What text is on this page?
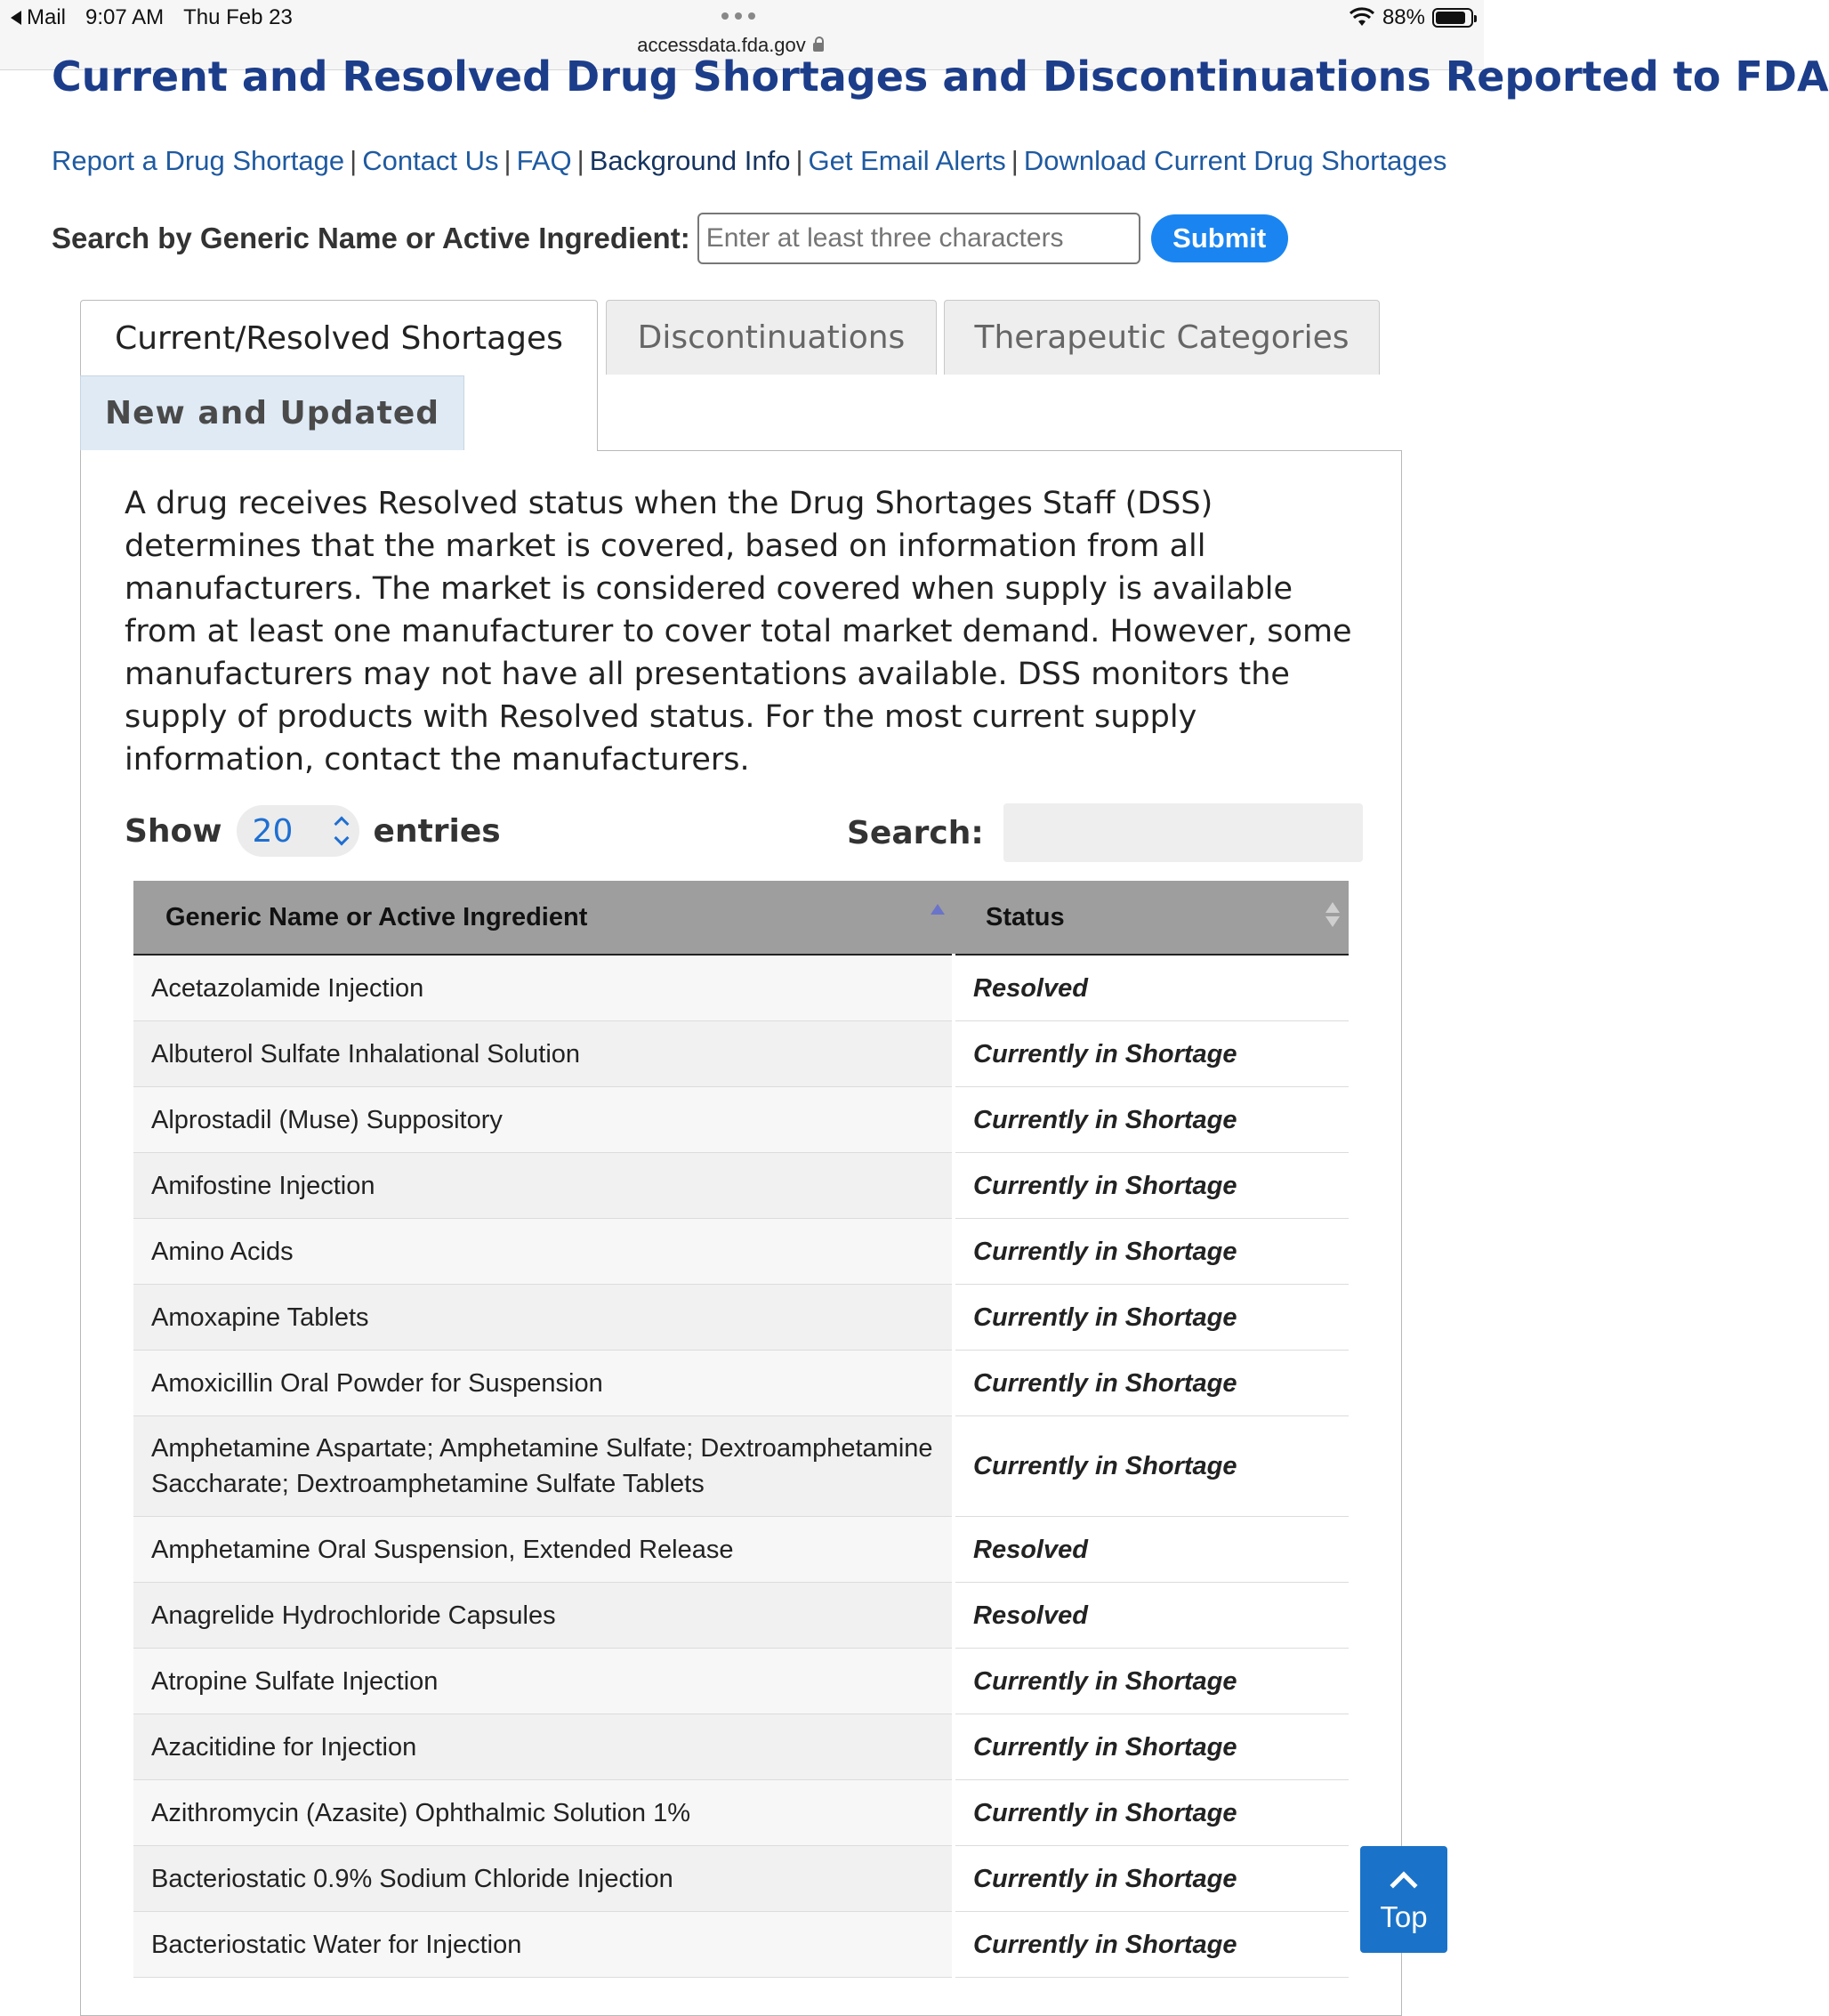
Mail 9:07 AM Thu Feb 23
accessdata.fda.gov
88%
Current and Resolved Drug Shortages and Discontinuations Reported to FDA
Report a Drug Shortage | Contact Us | FAQ | Background Info | Get Email Alerts | Download Current Drug Shortages
Search by Generic Name or Active Ingredient:
Enter at least three characters	Submit
Current/Resolved Shortages	Discontinuations	Therapeutic Categories
New and Updated
A drug receives Resolved status when the Drug Shortages Staff (DSS) determines that the market is covered, based on information from all manufacturers. The market is considered covered when supply is available from at least one manufacturer to cover total market demand. However, some manufacturers may not have all presentations available. DSS monitors the supply of products with Resolved status. For the most current supply information, contact the manufacturers.
Show 20	entries	Search:
Generic Name or Active Ingredient	Status

Acetazolamide Injection	Resolved
Albuterol Sulfate Inhalational Solution	Currently in Shortage
Alprostadil (Muse) Suppository	Currently in Shortage
Amifostine Injection	Currently in Shortage
Amino Acids	Currently in Shortage
Amoxapine Tablets	Currently in Shortage
Amoxicillin Oral Powder for Suspension	Currently in Shortage
Amphetamine Aspartate; Amphetamine Sulfate; Dextroamphetamine Saccharate; Dextroamphetamine Sulfate Tablets	Currently in Shortage
Amphetamine Oral Suspension, Extended Release	Resolved
Anagrelide Hydrochloride Capsules	Resolved
Atropine Sulfate Injection	Currently in Shortage
Azacitidine for Injection	Currently in Shortage
Azithromycin (Azasite) Ophthalmic Solution 1%	Currently in Shortage
Bacteriostatic 0.9% Sodium Chloride Injection	Currently in Shortage
Bacteriostatic Water for Injection	Currently in Shortage
Top
